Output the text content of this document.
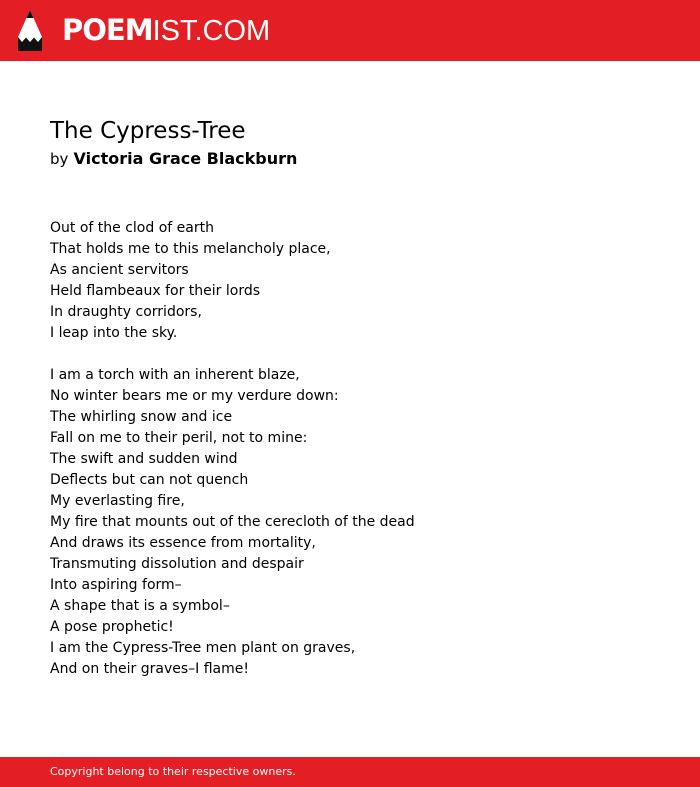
POEMIST.COM
The Cypress-Tree
by Victoria Grace Blackburn
Out of the clod of earth
That holds me to this melancholy place,
As ancient servitors
Held flambeaux for their lords
In draughty corridors,
I leap into the sky.
I am a torch with an inherent blaze,
No winter bears me or my verdure down:
The whirling snow and ice
Fall on me to their peril, not to mine:
The swift and sudden wind
Deflects but can not quench
My everlasting fire,
My fire that mounts out of the cerecloth of the dead
And draws its essence from mortality,
Transmuting dissolution and despair
Into aspiring form–
A shape that is a symbol–
A pose prophetic!
I am the Cypress-Tree men plant on graves,
And on their graves–I flame!
Copyright belong to their respective owners.
